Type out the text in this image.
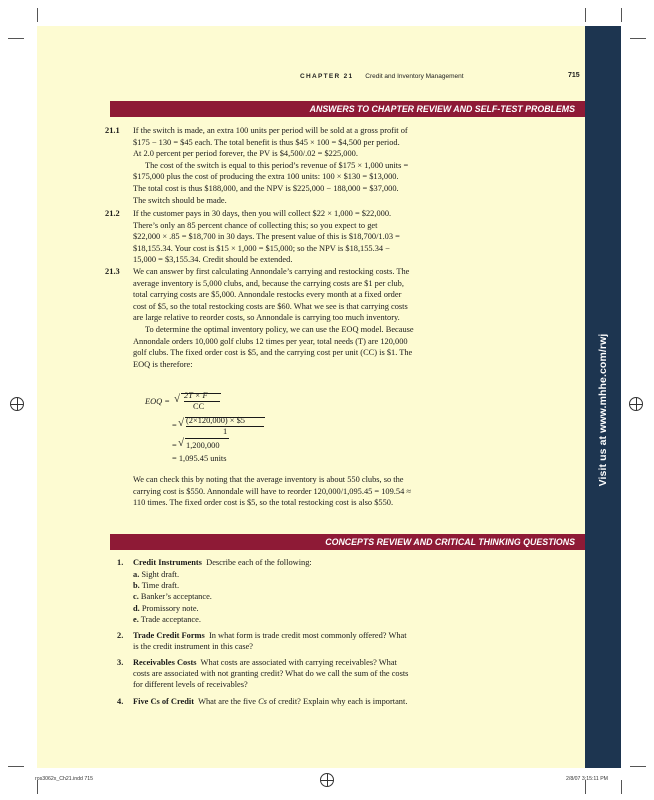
Visit us at www.mhhe.com/rwj
CHAPTER 21 Credit and Inventory Management	715
ANSWERS TO CHAPTER REVIEW AND SELF-TEST PROBLEMS
21.1 If the switch is made, an extra 100 units per period will be sold at a gross profit of
$175 − 130 = $45 each. The total benefit is thus $45 × 100 = $4,500 per period.
At 2.0 percent per period forever, the PV is $4,500/.02 = $225,000.
The cost of the switch is equal to this period’s revenue of $175 × 1,000 units =
$175,000 plus the cost of producing the extra 100 units: 100 × $130 = $13,000.
The total cost is thus $188,000, and the NPV is $225,000 − 188,000 = $37,000.
The switch should be made.
21.2 If the customer pays in 30 days, then you will collect $22 × 1,000 = $22,000.
There’s only an 85 percent chance of collecting this; so you expect to get
$22,000 × .85 = $18,700 in 30 days. The present value of this is $18,700/1.03 =
$18,155.34. Your cost is $15 × 1,000 = $15,000; so the NPV is $18,155.34 −
15,000 = $3,155.34. Credit should be extended.
21.3 We can answer by first calculating Annondale’s carrying and restocking costs. The
average inventory is 5,000 clubs, and, because the carrying costs are $1 per club,
total carrying costs are $5,000. Annondale restocks every month at a fixed order
cost of $5, so the total restocking costs are $60. What we see is that carrying costs
are large relative to reorder costs, so Annondale is carrying too much inventory.
To determine the optimal inventory policy, we can use the EOQ model. Because
Annondale orders 10,000 golf clubs 12 times per year, total needs (T) are 120,000
golf clubs. The fixed order cost is $5, and the carrying cost per unit (CC) is $1. The
EOQ is therefore:
EOQ = √ 2T × F
CC
= √ (2×120,000) × $5
1
= √ 1,200,000
= 1,095.45 units
We can check this by noting that the average inventory is about 550 clubs, so the
carrying cost is $550. Annondale will have to reorder 120,000/1,095.45 = 109.54 ≈
110 times. The fixed order cost is $5, so the total restocking cost is also $550.
CONCEPTS REVIEW AND CRITICAL THINKING QUESTIONS
1. Credit Instruments Describe each of the following:
a. Sight draft.
b. Time draft.
c. Banker’s acceptance.
d. Promissory note.
e. Trade acceptance.
2. Trade Credit Forms In what form is trade credit most commonly offered? What
is the credit instrument in this case?
3. Receivables Costs What costs are associated with carrying receivables? What
costs are associated with not granting credit? What do we call the sum of the costs
for different levels of receivables?
4. Five Cs of Credit What are the five Cs of credit? Explain why each is important.
ros3062x_Ch21.indd 715	2/8/07 3:15:11 PM
